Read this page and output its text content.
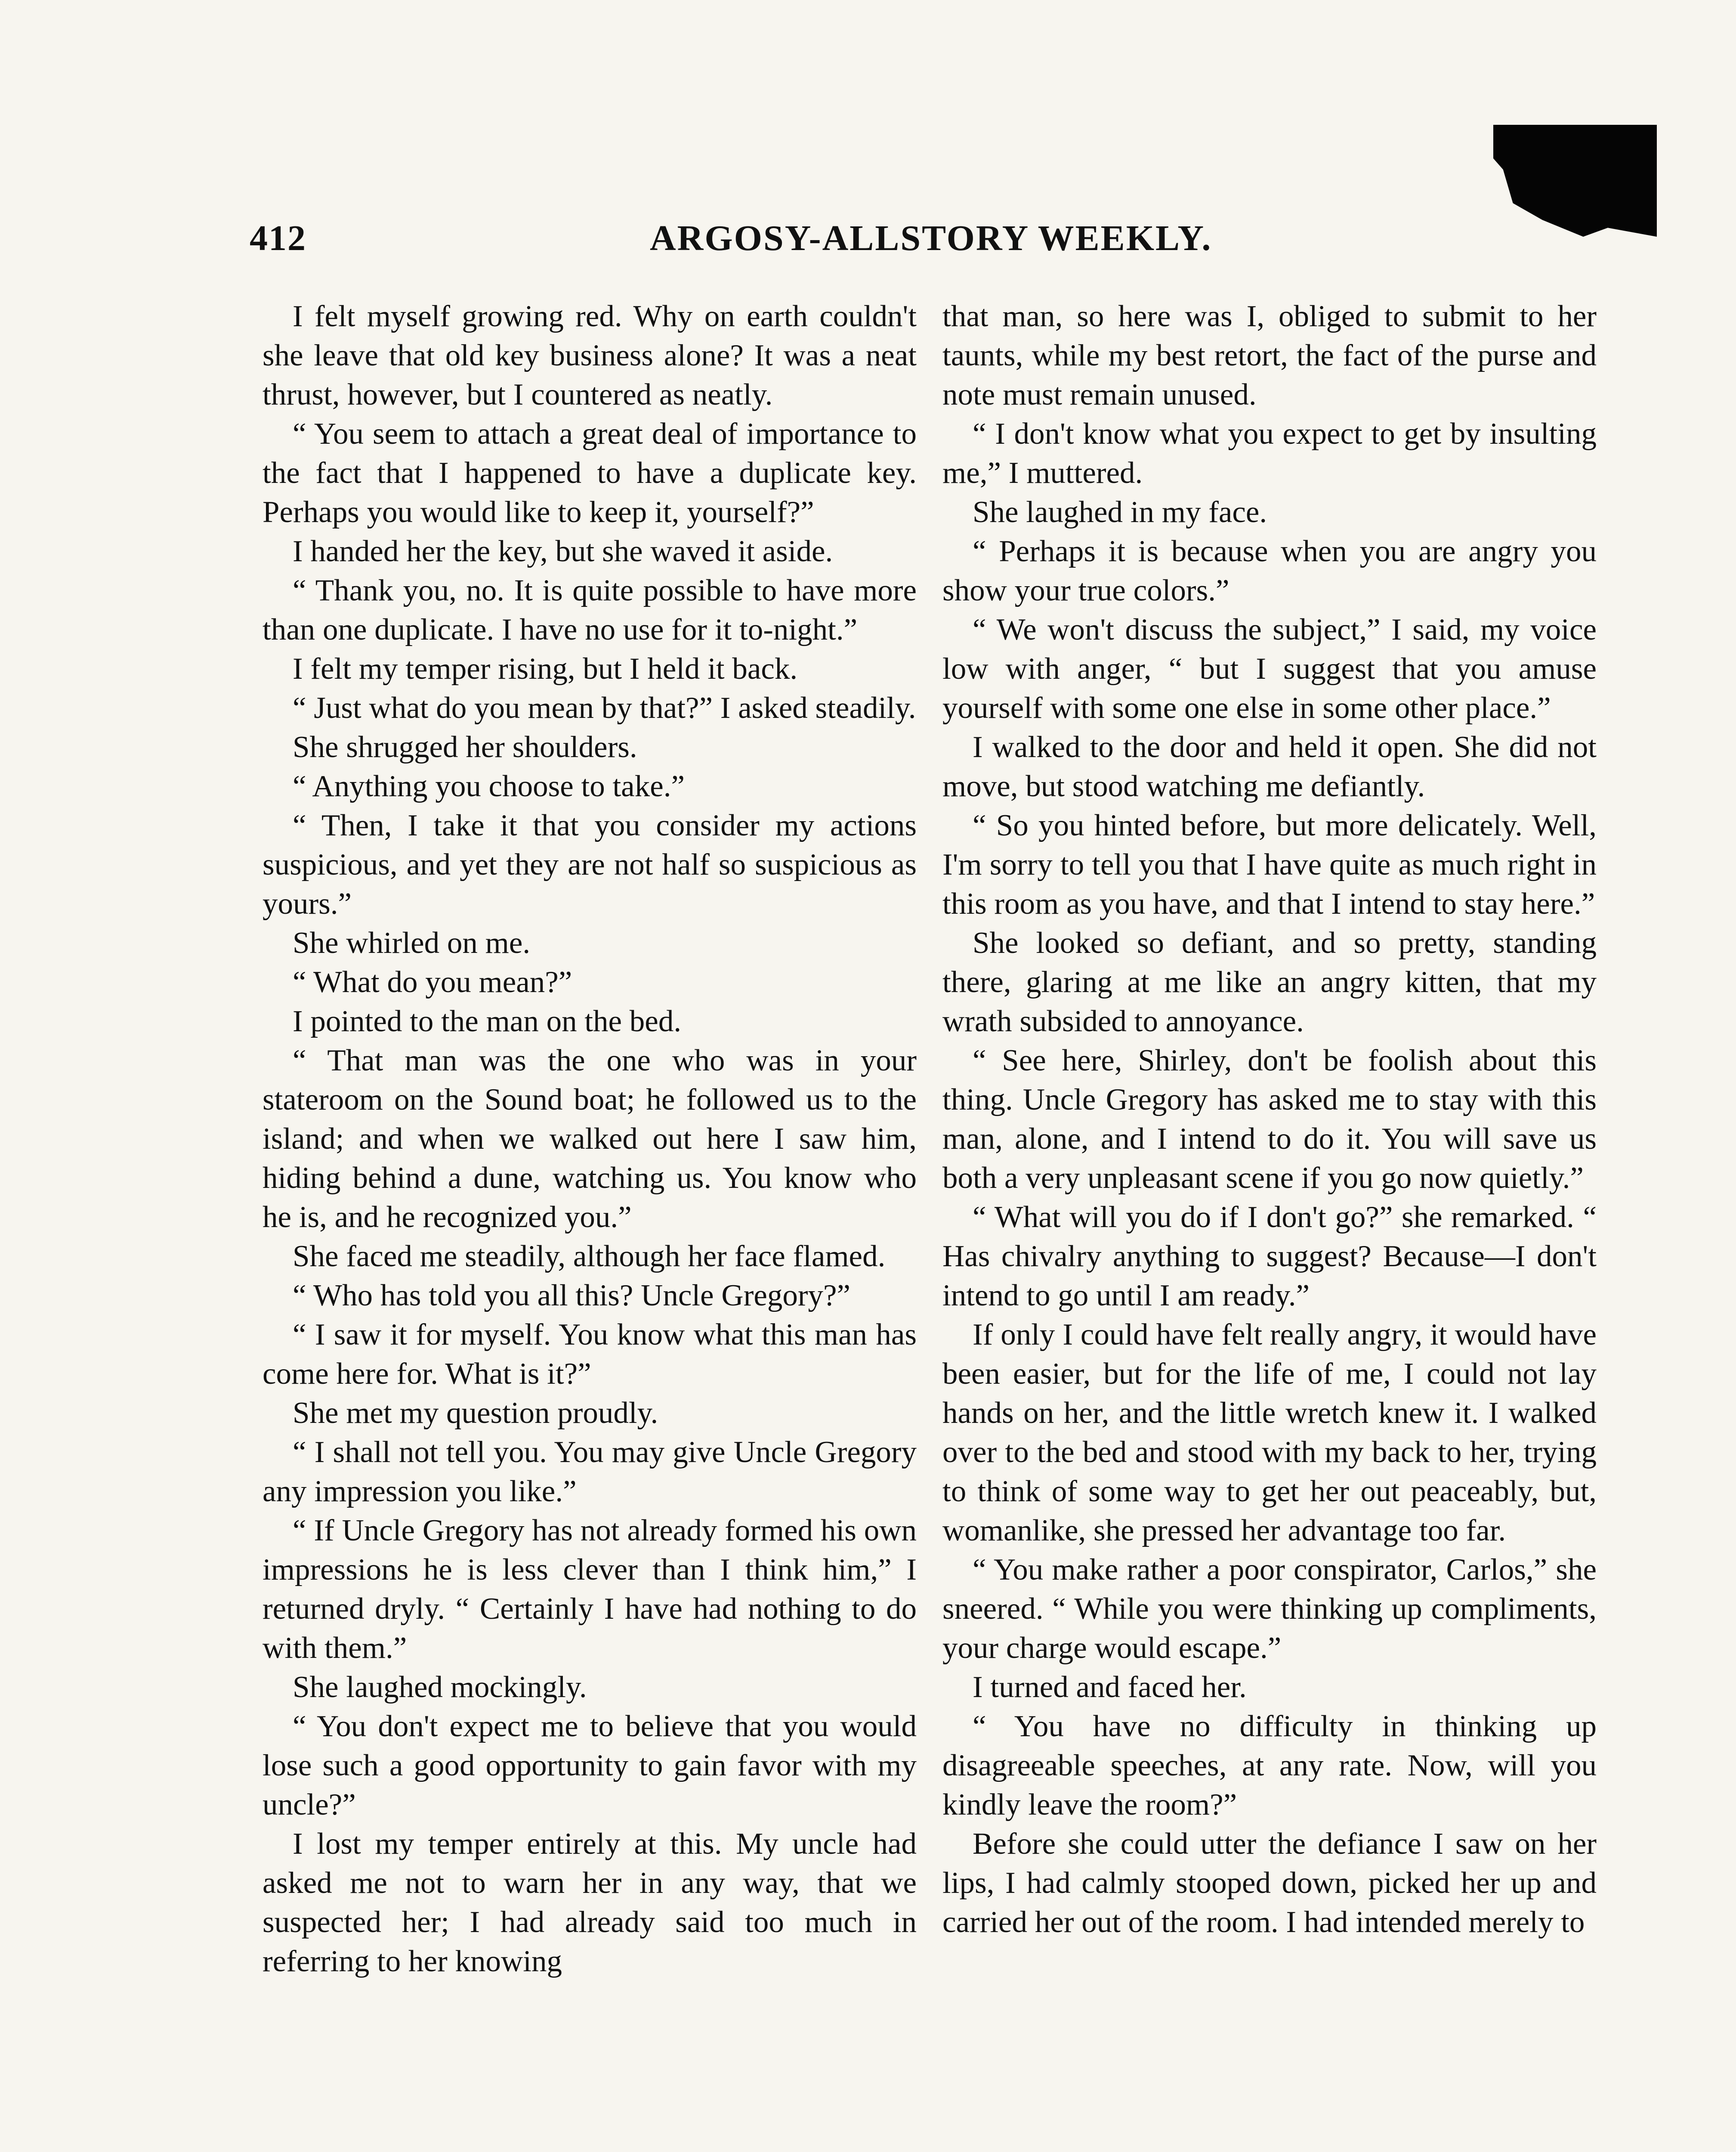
412	ARGOSY-ALLSTORY WEEKLY.

I felt myself growing red. Why on earth couldn't she leave that old key business alone? It was a neat thrust, however, but I countered as neatly.

“ You seem to attach a great deal of importance to the fact that I happened to have a duplicate key. Perhaps you would like to keep it, yourself?”

I handed her the key, but she waved it aside.

“ Thank you, no. It is quite possible to have more than one duplicate. I have no use for it to-night.”

I felt my temper rising, but I held it back.

“ Just what do you mean by that?” I asked steadily.

She shrugged her shoulders.

“ Anything you choose to take.”

“ Then, I take it that you consider my actions suspicious, and yet they are not half so suspicious as yours.”

She whirled on me.

“ What do you mean?”

I pointed to the man on the bed.

“ That man was the one who was in your stateroom on the Sound boat; he followed us to the island; and when we walked out here I saw him, hiding behind a dune, watching us. You know who he is, and he recognized you.”

She faced me steadily, although her face flamed.

“ Who has told you all this? Uncle Gregory?”

“ I saw it for myself. You know what this man has come here for. What is it?”

She met my question proudly.

“ I shall not tell you. You may give Uncle Gregory any impression you like.”

“ If Uncle Gregory has not already formed his own impressions he is less clever than I think him,” I returned dryly. “ Certainly I have had nothing to do with them.”

She laughed mockingly.

“ You don't expect me to believe that you would lose such a good opportunity to gain favor with my uncle?”

I lost my temper entirely at this. My uncle had asked me not to warn her in any way, that we suspected her; I had already said too much in referring to her knowing

that man, so here was I, obliged to submit to her taunts, while my best retort, the fact of the purse and note must remain unused.

“ I don't know what you expect to get by insulting me,” I muttered.

She laughed in my face.

“ Perhaps it is because when you are angry you show your true colors.”

“ We won't discuss the subject,” I said, my voice low with anger, “ but I suggest that you amuse yourself with some one else in some other place.”

I walked to the door and held it open. She did not move, but stood watching me defiantly.

“ So you hinted before, but more delicately. Well, I'm sorry to tell you that I have quite as much right in this room as you have, and that I intend to stay here.”

She looked so defiant, and so pretty, standing there, glaring at me like an angry kitten, that my wrath subsided to annoyance.

“ See here, Shirley, don't be foolish about this thing. Uncle Gregory has asked me to stay with this man, alone, and I intend to do it. You will save us both a very unpleasant scene if you go now quietly.”

“ What will you do if I don't go?” she remarked. “ Has chivalry anything to suggest? Because—I don't intend to go until I am ready.”

If only I could have felt really angry, it would have been easier, but for the life of me, I could not lay hands on her, and the little wretch knew it. I walked over to the bed and stood with my back to her, trying to think of some way to get her out peaceably, but, womanlike, she pressed her advantage too far.

“ You make rather a poor conspirator, Carlos,” she sneered. “ While you were thinking up compliments, your charge would escape.”

I turned and faced her.

“ You have no difficulty in thinking up disagreeable speeches, at any rate. Now, will you kindly leave the room?”

Before she could utter the defiance I saw on her lips, I had calmly stooped down, picked her up and carried her out of the room. I had intended merely to
